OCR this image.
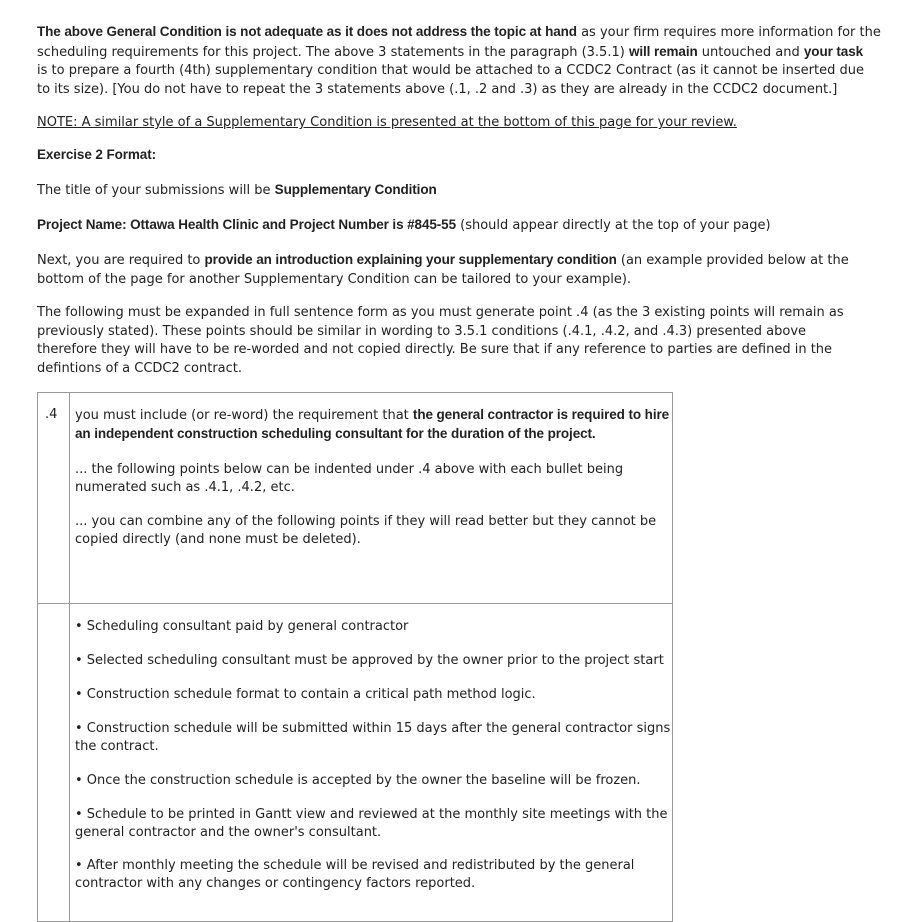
The above General Condition is not adequate as it does not address the topic at hand as your firm requires more information for the
scheduling requirements for this project. The above 3 statements in the paragraph (3.5.1) will remain untouched and your task
is to prepare a fourth (4th) supplementary condition that would be attached to a CCDC2 Contract (as it cannot be inserted due
to its size). [You do not have to repeat the 3 statements above (.1, .2 and .3) as they are already in the CCDC2 document.]

NOTE: A similar style of a Supplementary Condition is presented at the bottom of this page for your review.

Exercise 2 Format:

The title of your submissions will be Supplementary Condition

Project Name: Ottawa Health Clinic and Project Number is #845-55 (should appear directly at the top of your page)

Next, you are required to provide an introduction explaining your supplementary condition (an example provided below at the
bottom of the page for another Supplementary Condition can be tailored to your example).

The following must be expanded in full sentence form as you must generate point .4 (as the 3 existing points will remain as
previously stated). These points should be similar in wording to 3.5.1 conditions (.4.1, .4.2, and .4.3) presented above
therefore they will have to be re-worded and not copied directly. Be sure that if any reference to parties are defined in the
defintions of a CCDC2 contract.

.4 you must include (or re-word) the requirement that the general contractor is required to hire
an independent construction scheduling consultant for the duration of the project.

... the following points below can be indented under .4 above with each bullet being
numerated such as .4.1, .4.2, etc.

... you can combine any of the following points if they will read better but they cannot be
copied directly (and none must be deleted).

• Scheduling consultant paid by general contractor

• Selected scheduling consultant must be approved by the owner prior to the project start

• Construction schedule format to contain a critical path method logic.

• Construction schedule will be submitted within 15 days after the general contractor signs
the contract.

• Once the construction schedule is accepted by the owner the baseline will be frozen.

• Schedule to be printed in Gantt view and reviewed at the monthly site meetings with the
general contractor and the owner's consultant.

• After monthly meeting the schedule will be revised and redistributed by the general
contractor with any changes or contingency factors reported.
